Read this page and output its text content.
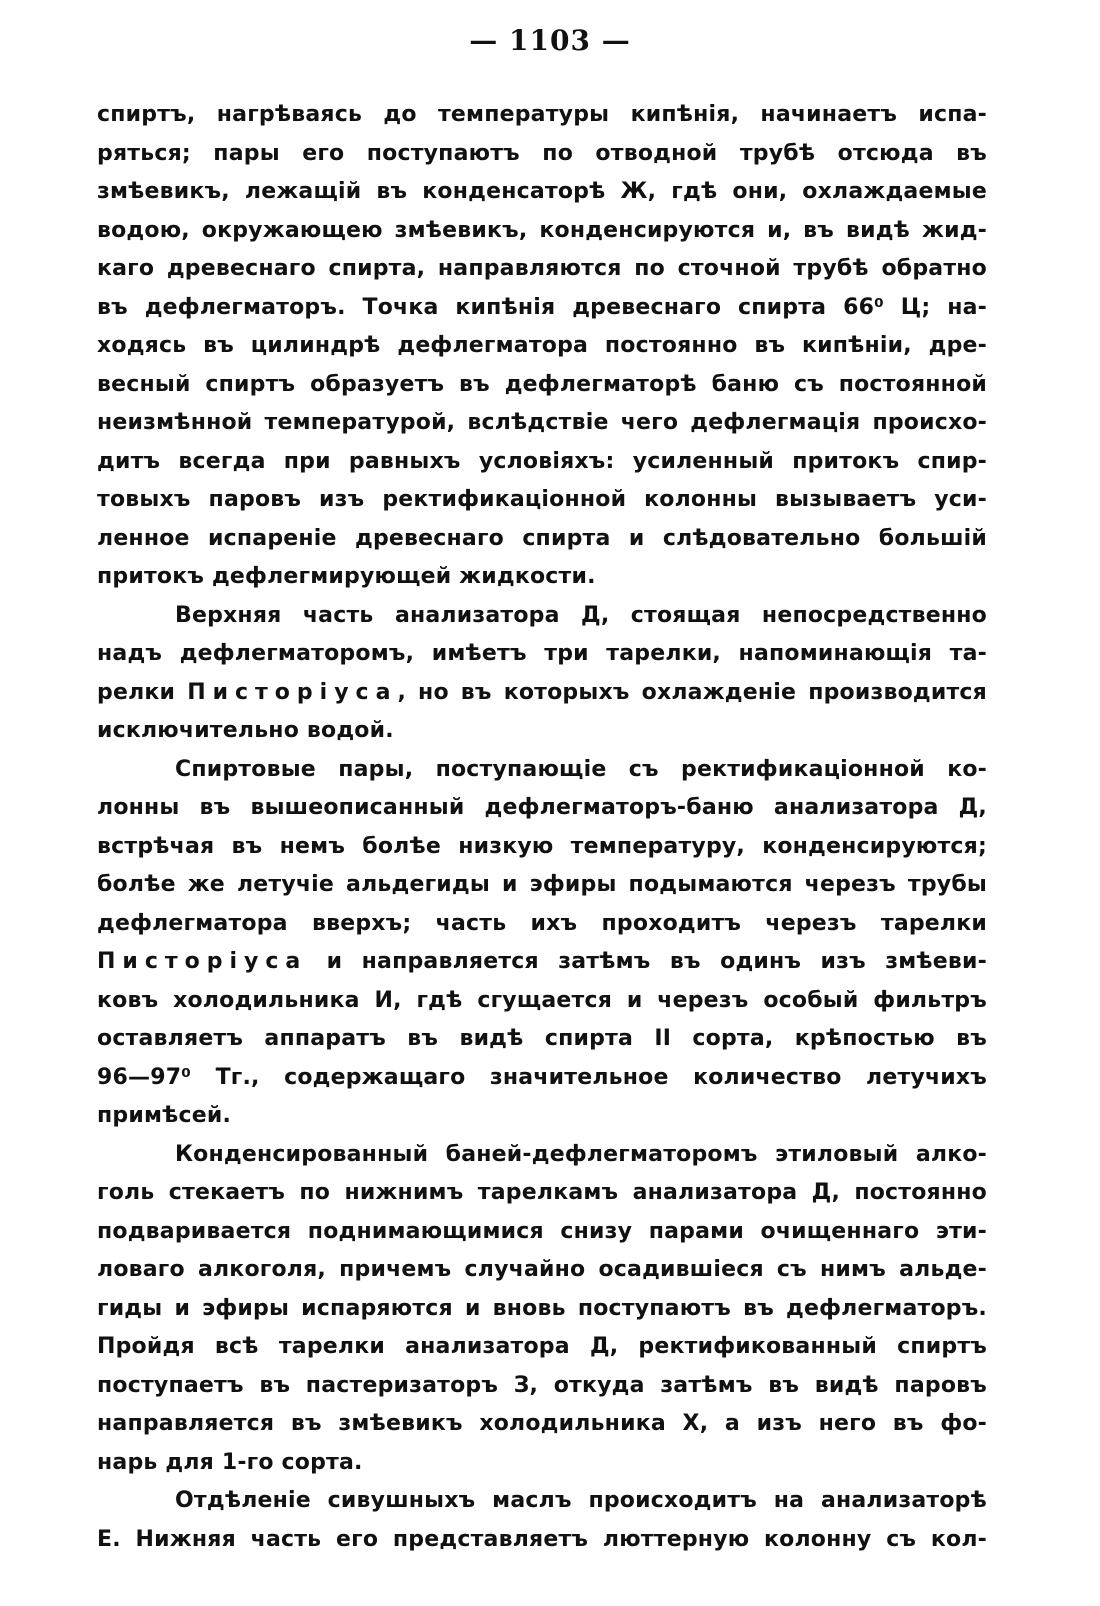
— 1103 —
спиртъ, нагрѣваясь до температуры кипѣнія, начинаетъ испа-
ряться; пары его поступаютъ по отводной трубѣ отсюда въ
змѣевикъ, лежащій въ конденсаторѣ Ж, гдѣ они, охлаждаемые
водою, окружающею змѣевикъ, конденсируются и, въ видѣ жид-
каго древеснаго спирта, направляются по сточной трубѣ обратно
въ дефлегматоръ. Точка кипѣнія древеснаго спирта 66⁰ Ц; на-
ходясь въ цилиндрѣ дефлегматора постоянно въ кипѣніи, дре-
весный спиртъ образуетъ въ дефлегматорѣ баню съ постоянной
неизмѣнной температурой, вслѣдствіе чего дефлегмація происхо-
дитъ всегда при равныхъ условіяхъ: усиленный притокъ спир-
товыхъ паровъ изъ ректификаціонной колонны вызываетъ уси-
ленное испареніе древеснаго спирта и слѣдовательно большій
притокъ дефлегмирующей жидкости.
Верхняя часть анализатора Д, стоящая непосредственно
надъ дефлегматоромъ, имѣетъ три тарелки, напоминающія та-
релки Писторіуса, но въ которыхъ охлажденіе производится
исключительно водой.
Спиртовые пары, поступающіе съ ректификаціонной ко-
лонны въ вышеописанный дефлегматоръ-баню анализатора Д,
встрѣчая въ немъ болѣе низкую температуру, конденсируются;
болѣе же летучіе альдегиды и эфиры подымаются черезъ трубы
дефлегматора вверхъ; часть ихъ проходитъ черезъ тарелки
Писторіуса и направляется затѣмъ въ одинъ изъ змѣеви-
ковъ холодильника И, гдѣ сгущается и черезъ особый фильтръ
оставляетъ аппаратъ въ видѣ спирта II сорта, крѣпостью въ
96—97⁰ Тг., содержащаго значительное количество летучихъ
примѣсей.
Конденсированный баней-дефлегматоромъ этиловый алко-
голь стекаетъ по нижнимъ тарелкамъ анализатора Д, постоянно
подваривается поднимающимися снизу парами очищеннаго эти-
ловаго алкоголя, причемъ случайно осадившіеся съ нимъ альде-
гиды и эфиры испаряются и вновь поступаютъ въ дефлегматоръ.
Пройдя всѣ тарелки анализатора Д, ректификованный спиртъ
поступаетъ въ пастеризаторъ З, откуда затѣмъ въ видѣ паровъ
направляется въ змѣевикъ холодильника Х, а изъ него въ фо-
нарь для 1-го сорта.
Отдѣленіе сивушныхъ маслъ происходитъ на анализаторѣ
Е. Нижняя часть его представляетъ люттерную колонну съ кол-
